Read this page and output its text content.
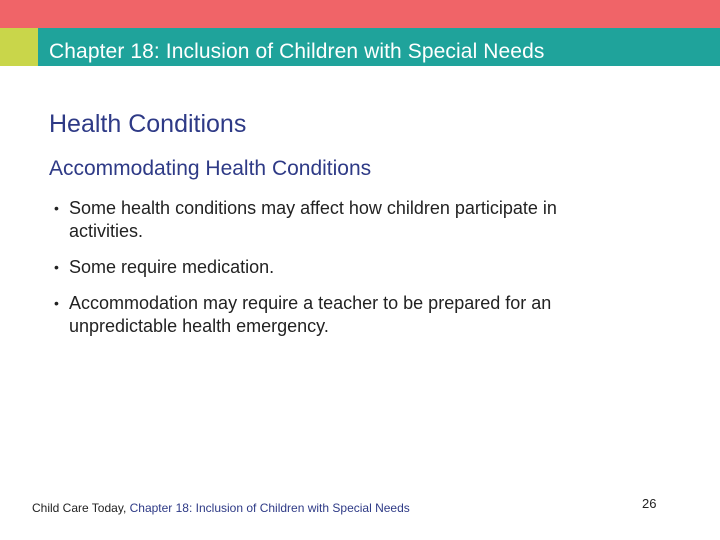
Chapter 18: Inclusion of Children with Special Needs
Health Conditions
Accommodating Health Conditions
• Some health conditions may affect how children participate in activities.
• Some require medication.
• Accommodation may require a teacher to be prepared for an unpredictable health emergency.
Child Care Today, Chapter 18: Inclusion of Children with Special Needs	26
